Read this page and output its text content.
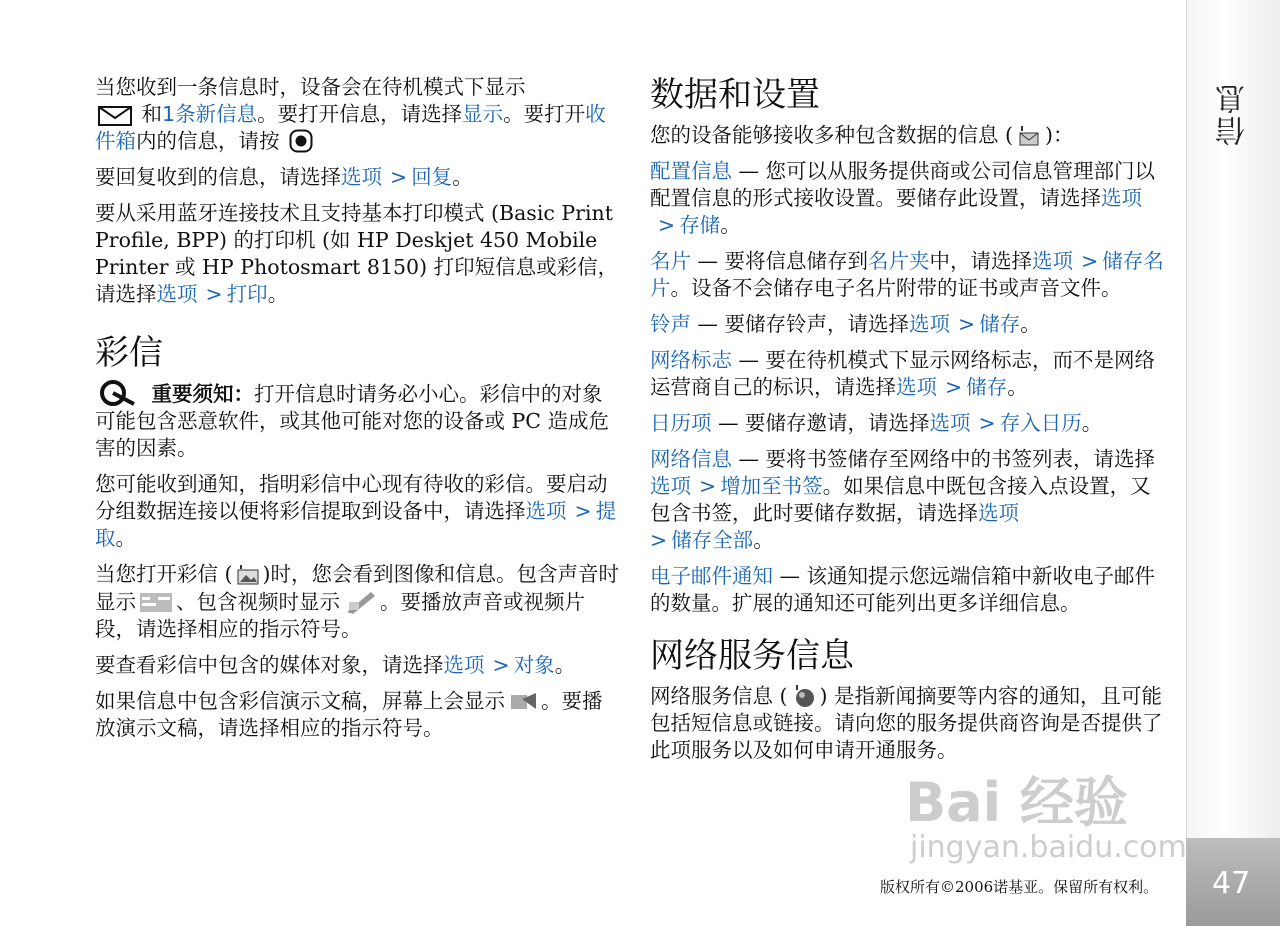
信息
47

当您收到一条信息时，设备会在待机模式下显示
和1条新信息。要打开信息，请选择显示。要打开收件箱内的信息，请按

要回复收到的信息，请选择选项 > 回复。

要从采用蓝牙连接技术且支持基本打印模式 (Basic Print Profile, BPP) 的打印机 (如 HP Deskjet 450 Mobile Printer 或 HP Photosmart 8150) 打印短信息或彩信，请选择选项 > 打印。

彩信

重要须知：打开信息时请务必小心。彩信中的对象可能包含恶意软件，或其他可能对您的设备或 PC 造成危害的因素。

您可能收到通知，指明彩信中心现有待收的彩信。要启动分组数据连接以便将彩信提取到设备中，请选择选项 > 提取。

当您打开彩信 ( )时，您会看到图像和信息。包含声音时显示 、包含视频时显示 。要播放声音或视频片段，请选择相应的指示符号。

要查看彩信中包含的媒体对象，请选择选项 > 对象。

如果信息中包含彩信演示文稿，屏幕上会显示 。要播放演示文稿，请选择相应的指示符号。

数据和设置

您的设备能够接收多种包含数据的信息 ( )：

配置信息 — 您可以从服务提供商或公司信息管理部门以配置信息的形式接收设置。要储存此设置，请选择选项> 存储。

名片 — 要将信息储存到名片夹中，请选择选项 > 储存名片。设备不会储存电子名片附带的证书或声音文件。

铃声 — 要储存铃声，请选择选项 > 储存。

网络标志 — 要在待机模式下显示网络标志，而不是网络运营商自己的标识，请选择选项 > 储存。

日历项 — 要储存邀请，请选择选项 > 存入日历。

网络信息 — 要将书签储存至网络中的书签列表，请选择选项 > 增加至书签。如果信息中既包含接入点设置，又包含书签，此时要储存数据，请选择选项
> 储存全部。

电子邮件通知 — 该通知提示您远端信箱中新收电子邮件的数量。扩展的通知还可能列出更多详细信息。

网络服务信息

网络服务信息 ( ) 是指新闻摘要等内容的通知，且可能包括短信息或链接。请向您的服务提供商咨询是否提供了此项服务以及如何申请开通服务。

Bai 经验
jingyan.baidu.com
版权所有©2006诺基亚。保留所有权利。
